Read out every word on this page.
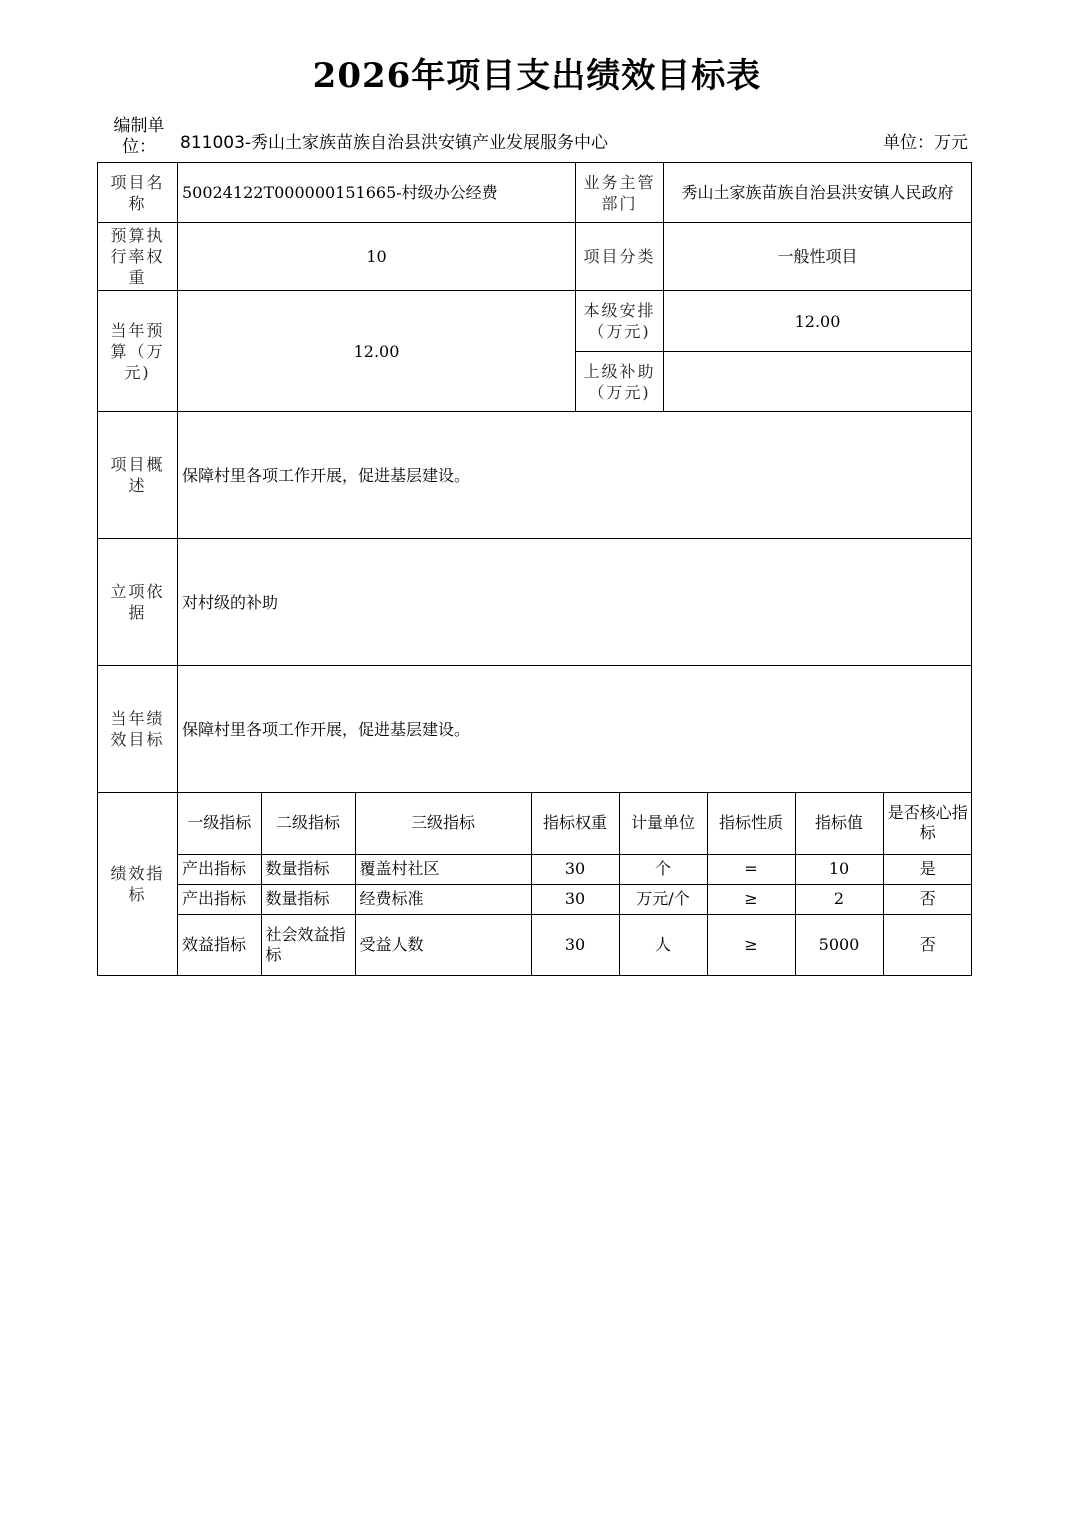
2026年项目支出绩效目标表
编制单位：	811003-秀山土家族苗族自治县洪安镇产业发展服务中心	单位：万元
项目名称	50024122T000000151665-村级办公经费	业务主管部门	秀山土家族苗族自治县洪安镇人民政府
预算执行率权重	10	项目分类	一般性项目
当年预算（万元)	12.00	本级安排（万元)	12.00
上级补助（万元)	
项目概述	保障村里各项工作开展，促进基层建设。
立项依据	对村级的补助
当年绩效目标	保障村里各项工作开展，促进基层建设。
绩效指标	
一级指标	二级指标	三级指标	指标权重	计量单位	指标性质	指标值	是否核心指标
产出指标	数量指标	覆盖村社区	30	个	=	10	是
产出指标	数量指标	经费标准	30	万元/个	≥	2	否
效益指标	社会效益指标	受益人数	30	人	≥	5000	否
